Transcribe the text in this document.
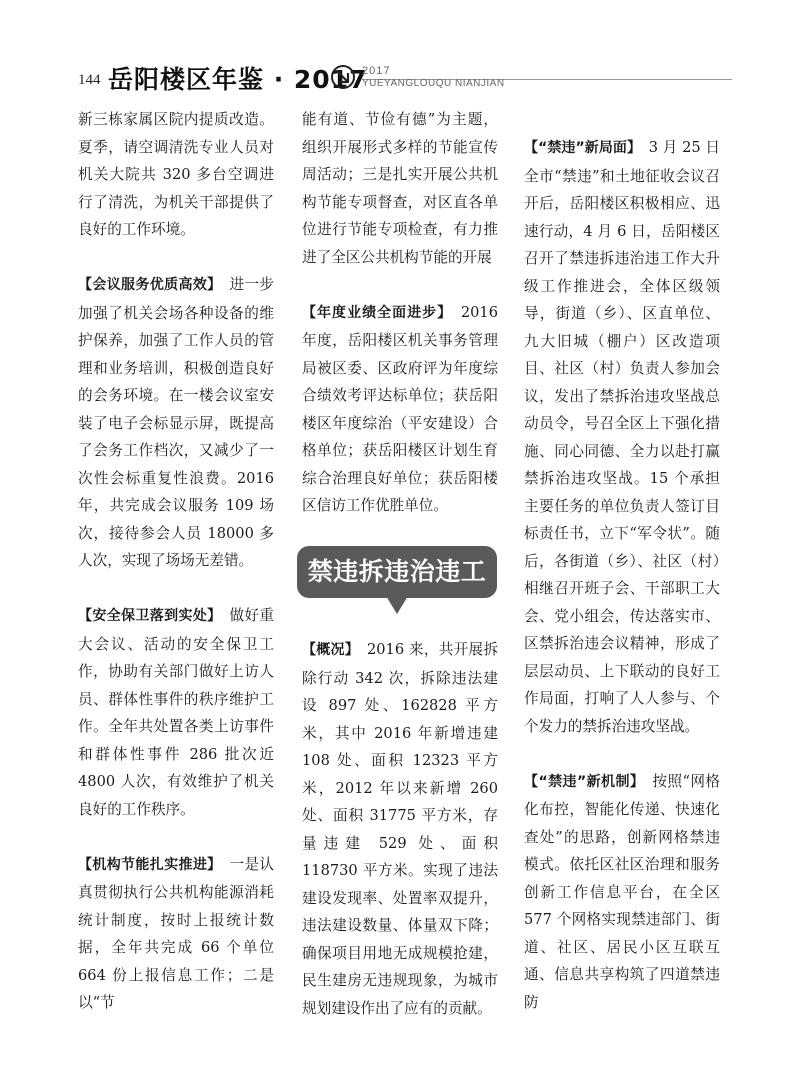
144 岳阳楼区年鉴 · 2017
2017
YUEYANGLOUQU NIANJIAN

新三栋家属区院内提质改造。夏季，请空调清洗专业人员对机关大院共 320 多台空调进行了清洗，为机关干部提供了良好的工作环境。

【会议服务优质高效】　 进一步加强了机关会场各种设备的维护保养，加强了工作人员的管理和业务培训，积极创造良好的会务环境。在一楼会议室安装了电子会标显示屏，既提高了会务工作档次，又减少了一次性会标重复性浪费。2016 年，共完成会议服务 109 场次，接待参会人员 18000 多人次，实现了场场无差错。

【安全保卫落到实处】　 做好重大会议、活动的安全保卫工作，协助有关部门做好上访人员、群体性事件的秩序维护工作。全年共处置各类上访事件和群体性事件 286 批次近 4800 人次，有效维护了机关良好的工作秩序。

【机构节能扎实推进】　 一是认真贯彻执行公共机构能源消耗统计制度，按时上报统计数据，全年共完成 66 个单位 664 份上报信息工作；二是以“节

能有道、节俭有德”为主题，组织开展形式多样的节能宣传周活动；三是扎实开展公共机构节能专项督查，对区直各单位进行节能专项检查，有力推进了全区公共机构节能的开展

【年度业绩全面进步】　 2016 年度，岳阳楼区机关事务管理局被区委、区政府评为年度综合绩效考评达标单位；获岳阳楼区年度综治（平安建设）合格单位；获岳阳楼区计划生育综合治理良好单位；获岳阳楼区信访工作优胜单位。

禁违拆违治违工作

【概况】　 2016 来，共开展拆除行动 342 次，拆除违法建设 897 处、162828 平方米，其中 2016 年新增违建 108 处、面积 12323 平方米，2012 年以来新增 260 处、面积 31775 平方米，存量违建 529 处、面积 118730 平方米。实现了违法建设发现率、处置率双提升，违法建设数量、体量双下降；确保项目用地无成规模抢建，民生建房无违规现象，为城市规划建设作出了应有的贡献。

【“禁违”新局面】　 3 月 25 日全市“禁违”和土地征收会议召开后，岳阳楼区积极相应、迅速行动，4 月 6 日，岳阳楼区召开了禁违拆违治违工作大升级工作推进会，全体区级领导，街道（乡）、区直单位、九大旧城（棚户）区改造项目、社区（村）负责人参加会议，发出了禁拆治违攻坚战总动员令，号召全区上下强化措施、同心同德、全力以赴打赢禁拆治违攻坚战。15 个承担主要任务的单位负责人签订目标责任书，立下“军令状”。随后，各街道（乡）、社区（村）相继召开班子会、干部职工大会、党小组会，传达落实市、区禁拆治违会议精神，形成了层层动员、上下联动的良好工作局面，打响了人人参与、个个发力的禁拆治违攻坚战。

【“禁违”新机制】　 按照“网格化布控，智能化传递、快速化查处”的思路，创新网格禁违模式。依托区社区治理和服务创新工作信息平台，在全区 577 个网格实现禁违部门、街道、社区、居民小区互联互通、信息共享构筑了四道禁违防
